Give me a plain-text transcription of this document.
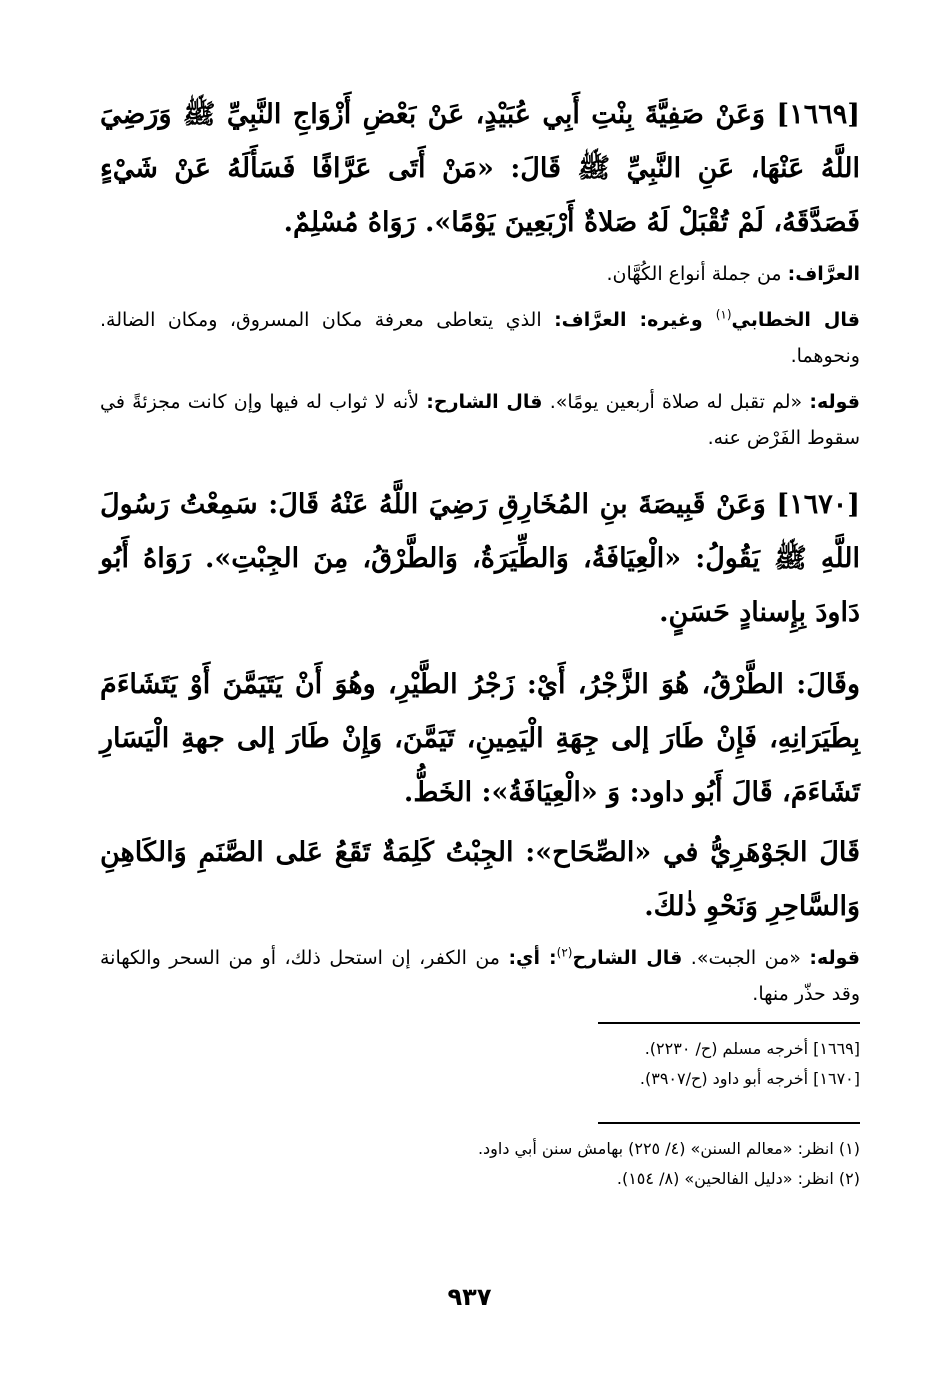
[١٦٦٩] وَعَنْ صَفِيَّةَ بِنْتِ أَبِي عُبَيْدٍ، عَنْ بَعْضِ أَزْوَاجِ النَّبِيِّ ﷺ وَرَضِيَ اللَّهُ عَنْهَا، عَنِ النَّبِيِّ ﷺ قَالَ: «مَنْ أَتَى عَرَّافًا فَسَأَلَهُ عَنْ شَيْءٍ فَصَدَّقَهُ، لَمْ تُقْبَلْ لَهُ صَلاةٌ أَرْبَعِينَ يَوْمًا». رَوَاهُ مُسْلِمٌ.

العرَّاف: من جملة أنواع الكُهَّان.

قال الخطابي$^{(١)}$ وغيره: العرَّاف: الذي يتعاطى معرفة مكان المسروق، ومكان الضالة. ونحوهما.

قوله: «لم تقبل له صلاة أربعين يومًا». قال الشارح: لأنه لا ثواب له فيها وإن كانت مجزئةً في سقوط الفَرْض عنه.

[١٦٧٠] وَعَنْ قَبِيصَةَ بنِ المُخَارِقِ رَضِيَ اللَّهُ عَنْهُ قَالَ: سَمِعْتُ رَسُولَ اللَّهِ ﷺ يَقُولُ: «الْعِيَافَةُ، وَالطِّيَرَةُ، وَالطَّرْقُ، مِنَ الجِبْتِ». رَوَاهُ أَبُو دَاودَ بِإِسنادٍ حَسَنٍ.

وقَالَ: الطَّرْقُ، هُوَ الزَّجْرُ، أَيْ: زَجْرُ الطَّيْرِ، وهُوَ أَنْ يَتَيَمَّنَ أَوْ يَتَشَاءَمَ بِطَيَرَانِهِ، فَإِنْ طَارَ إلى جِهَةِ الْيَمِينِ، تَيَمَّنَ، وَإِنْ طَارَ إلى جهةِ الْيَسَارِ تَشَاءَمَ، قَالَ أَبُو داود: وَ «الْعِيَافَةُ»: الخَطُّ.

قَالَ الجَوْهَرِيُّ في «الصِّحَاح»: الجِبْتُ كَلِمَةٌ تَقَعُ عَلى الصَّنَمِ وَالكَاهِنِ وَالسَّاحِرِ وَنَحْوِ ذٰلكَ.

قوله: «من الجبت». قال الشارح$^{(٢)}$: أي: من الكفر، إن استحل ذلك، أو من السحر والكهانة وقد حذّر منها.

[١٦٦٩] أخرجه مسلم (ح/ ٢٢٣٠).

[١٦٧٠] أخرجه أبو داود (ح/٣٩٠٧).

(١) انظر: «معالم السنن» (٤/ ٢٢٥) بهامش سنن أبي داود.

(٢) انظر: «دليل الفالحين» (٨/ ١٥٤).

٩٣٧
